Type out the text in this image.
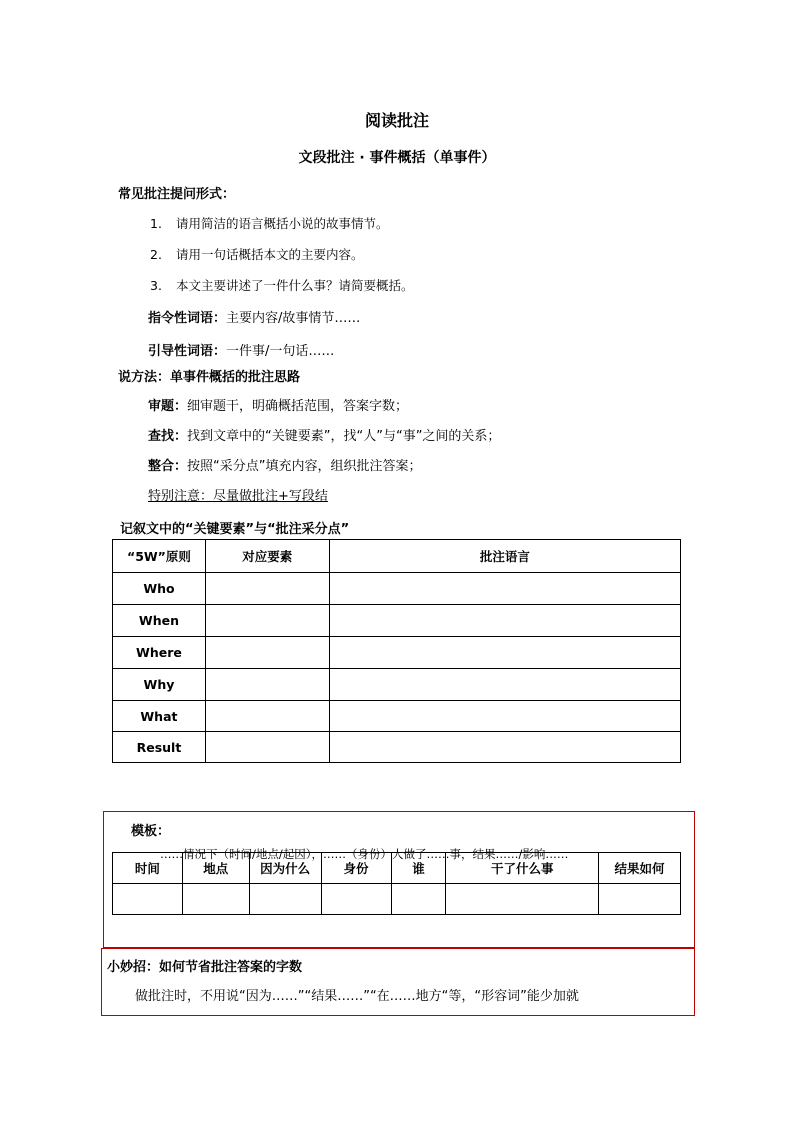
阅读批注
文段批注 · 事件概括（单事件）
常见批注提问形式：
1. 请用简洁的语言概括小说的故事情节。
2. 请用一句话概括本文的主要内容。
3. 本文主要讲述了一件什么事？请简要概括。
指令性词语：主要内容/故事情节……
引导性词语：一件事/一句话……
说方法：单事件概括的批注思路
审题：细审题干，明确概括范围，答案字数；
查找：找到文章中的“关键要素”，找“人”与“事”之间的关系；
整合：按照“采分点”填充内容，组织批注答案；
特别注意：尽量做批注+写段结
记叙文中的“关键要素”与“批注采分点”
“5W”原则	对应要素	批注语言
Who		
When		
Where		
Why		
What		
Result		
模板：
时间	地点	因为什么	身份	谁	干了什么事	结果如何

……情况下（时间/地点/起因），……（身份）人做了……事，结果……/影响……
小妙招：如何节省批注答案的字数
做批注时，不用说“因为……”“结果……”“在……地方“等，“形容词”能少加就
